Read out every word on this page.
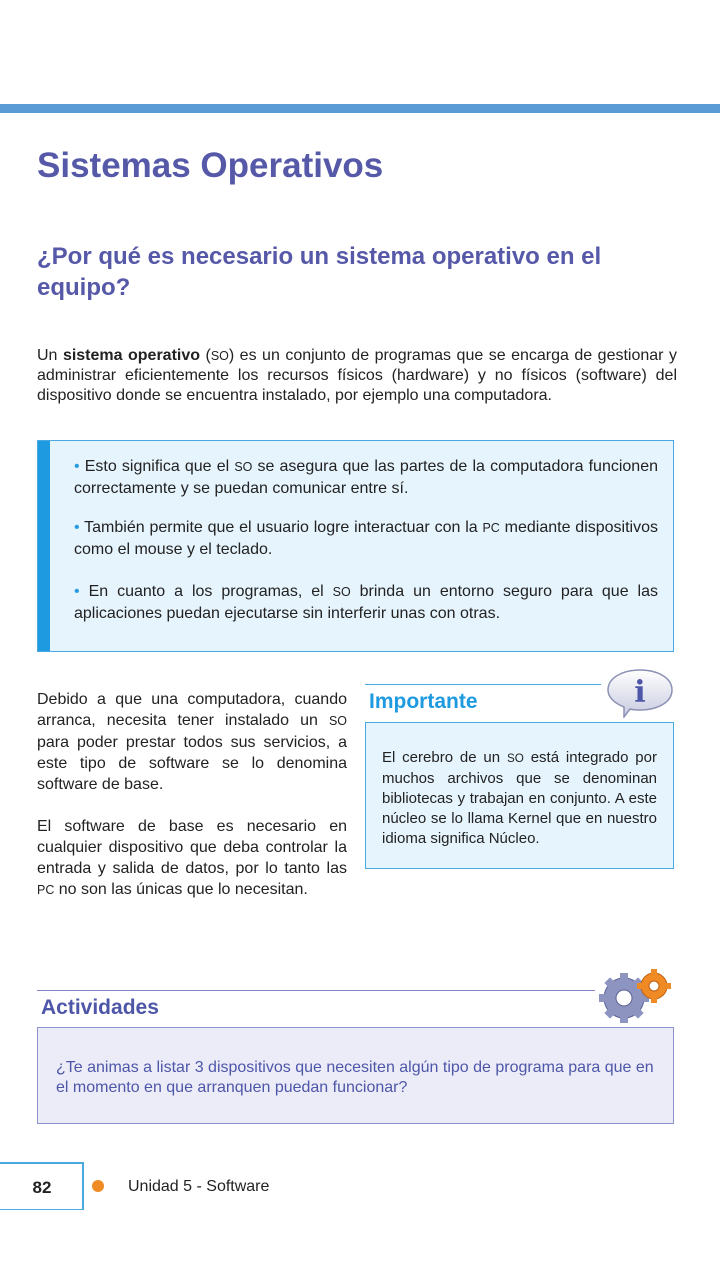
Sistemas Operativos
¿Por qué es necesario un sistema operativo en el equipo?

Un sistema operativo (SO) es un conjunto de programas que se encarga de gestionar y administrar eficientemente los recursos físicos (hardware) y no físicos (software) del dispositivo donde se encuentra instalado, por ejemplo una computadora.

• Esto significa que el SO se asegura que las partes de la computadora funcionen correctamente y se puedan comunicar entre sí.

• También permite que el usuario logre interactuar con la PC mediante dispositivos como el mouse y el teclado.

• En cuanto a los programas, el SO brinda un entorno seguro para que las aplicaciones puedan ejecutarse sin interferir unas con otras.

Debido a que una computadora, cuando arranca, necesita tener instalado un SO para poder prestar todos sus servicios, a este tipo de software se lo denomina software de base.

El software de base es necesario en cualquier dispositivo que deba controlar la entrada y salida de datos, por lo tanto las PC no son las únicas que lo necesitan.

Importante	i
El cerebro de un SO está integrado por muchos archivos que se denominan bibliotecas y trabajan en conjunto. A este núcleo se lo llama Kernel que en nuestro idioma significa Núcleo.
Actividades
¿Te animas a listar 3 dispositivos que necesiten algún tipo de programa para que en el momento en que arranquen puedan funcionar?
82	Unidad 5 - Software
